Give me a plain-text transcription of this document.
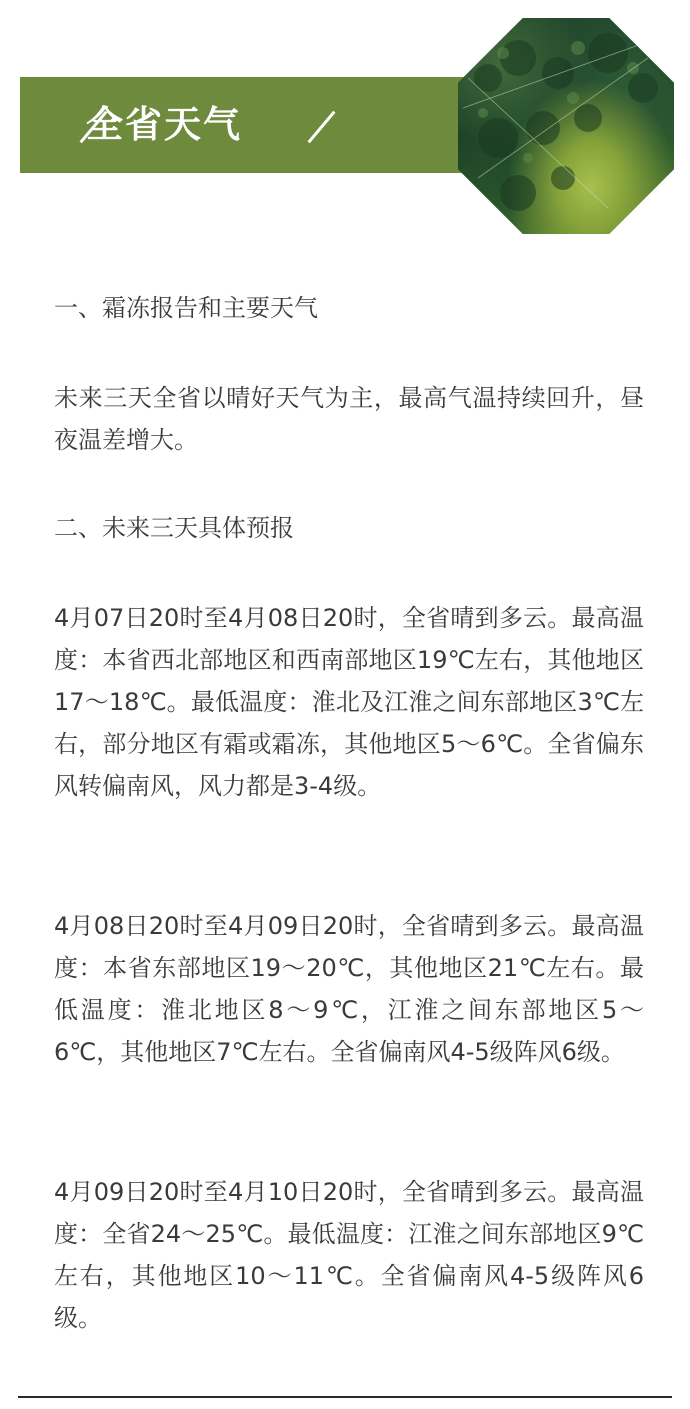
全省天气

一、霜冻报告和主要天气

未来三天全省以晴好天气为主，最高气温持续回升，昼夜温差增大。

二、未来三天具体预报

4月07日20时至4月08日20时，全省晴到多云。最高温度：本省西北部地区和西南部地区19℃左右，其他地区17～18℃。最低温度：淮北及江淮之间东部地区3℃左右，部分地区有霜或霜冻，其他地区5～6℃。全省偏东风转偏南风，风力都是3-4级。

4月08日20时至4月09日20时，全省晴到多云。最高温度：本省东部地区19～20℃，其他地区21℃左右。最低温度：淮北地区8～9℃，江淮之间东部地区5～6℃，其他地区7℃左右。全省偏南风4-5级阵风6级。

4月09日20时至4月10日20时，全省晴到多云。最高温度：全省24～25℃。最低温度：江淮之间东部地区9℃左右，其他地区10～11℃。全省偏南风4-5级阵风6级。
